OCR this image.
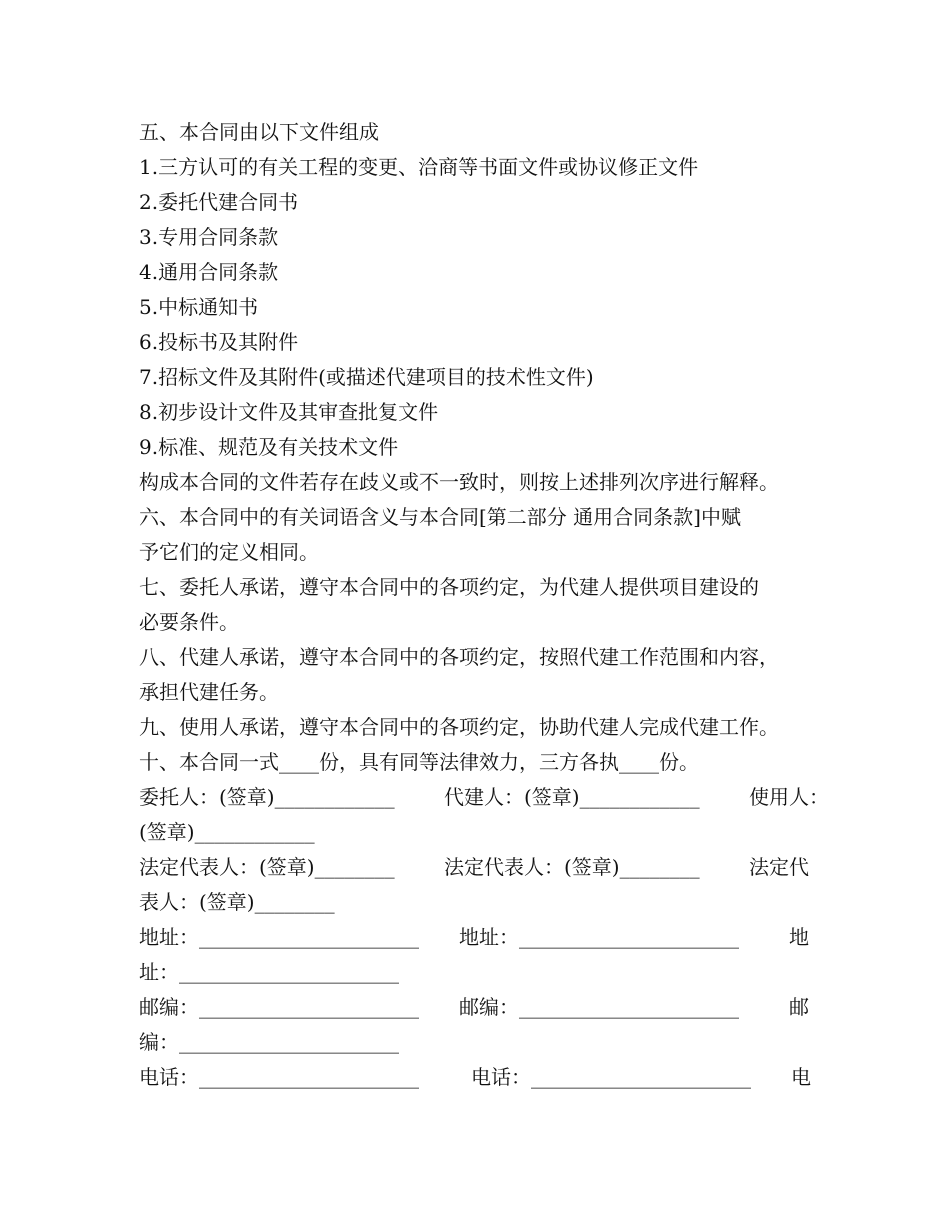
五、本合同由以下文件组成
1.三方认可的有关工程的变更、洽商等书面文件或协议修正文件
2.委托代建合同书
3.专用合同条款
4.通用合同条款
5.中标通知书
6.投标书及其附件
7.招标文件及其附件(或描述代建项目的技术性文件)
8.初步设计文件及其审查批复文件
9.标准、规范及有关技术文件
构成本合同的文件若存在歧义或不一致时，则按上述排列次序进行解释。
六、本合同中的有关词语含义与本合同[第二部分 通用合同条款]中赋
予它们的定义相同。
七、委托人承诺，遵守本合同中的各项约定，为代建人提供项目建设的
必要条件。
八、代建人承诺，遵守本合同中的各项约定，按照代建工作范围和内容，
承担代建任务。
九、使用人承诺，遵守本合同中的各项约定，协助代建人完成代建工作。
十、本合同一式____份，具有同等法律效力，三方各执____份。
委托人：(签章)____________ 代建人：(签章)____________ 使用人：
(签章)____________
法定代表人：(签章)________ 法定代表人：(签章)________ 法定代
表人：(签章)________
地址：______________________ 地址：______________________	地
址：______________________
邮编：______________________ 邮编：______________________	邮
编：______________________
电话：______________________	电话：______________________ 电
